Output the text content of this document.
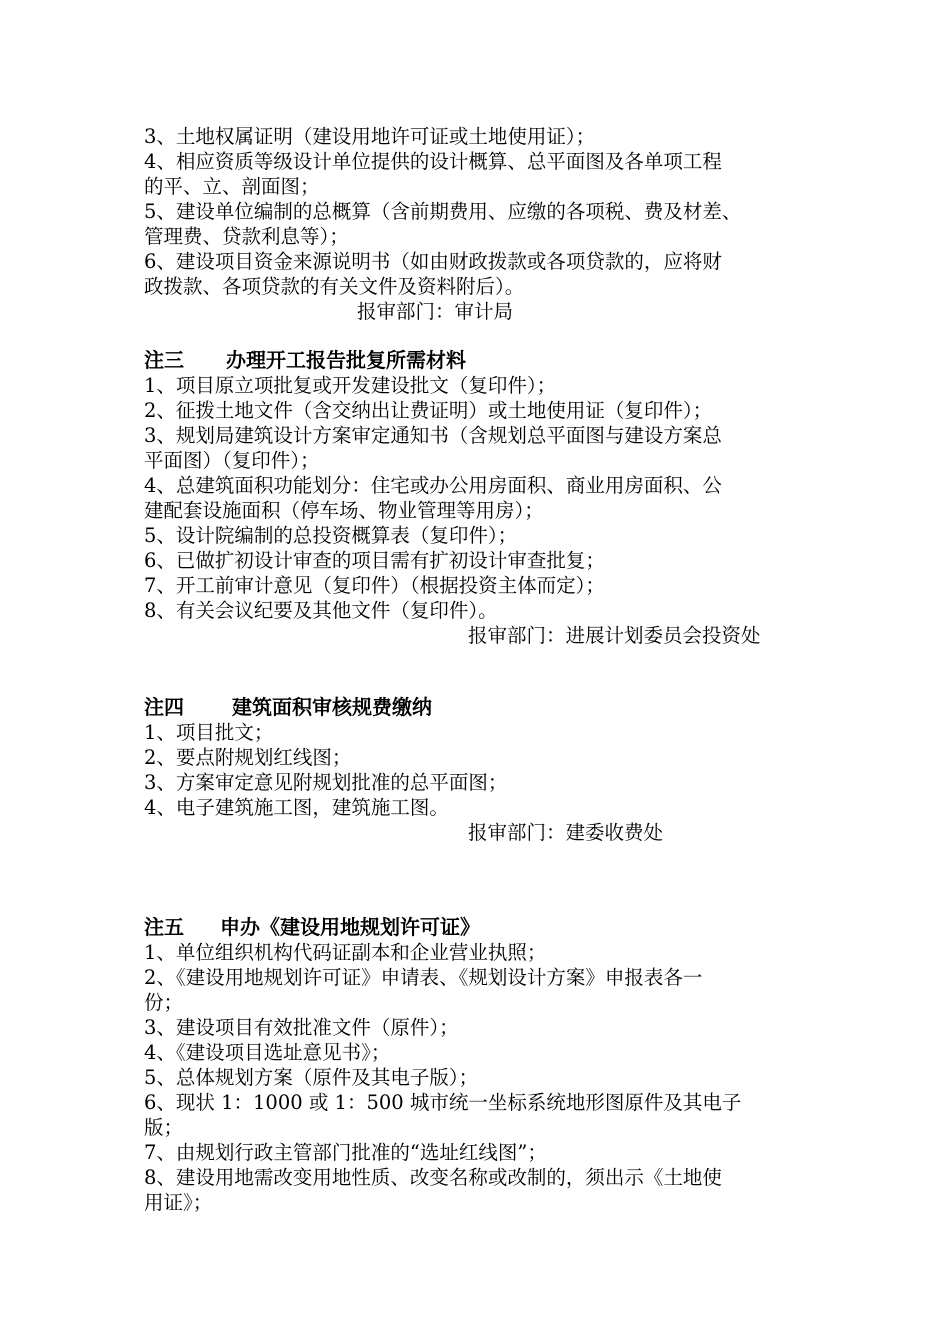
3、土地权属证明（建设用地许可证或土地使用证）；
4、相应资质等级设计单位提供的设计概算、总平面图及各单项工程
的平、立、剖面图；
5、建设单位编制的总概算（含前期费用、应缴的各项税、费及材差、
管理费、贷款利息等）；
6、建设项目资金来源说明书（如由财政拨款或各项贷款的，应将财
政拨款、各项贷款的有关文件及资料附后）。
报审部门：审计局
注三 办理开工报告批复所需材料
1、项目原立项批复或开发建设批文（复印件）；
2、征拨土地文件（含交纳出让费证明）或土地使用证（复印件）；
3、规划局建筑设计方案审定通知书（含规划总平面图与建设方案总
平面图）（复印件）；
4、总建筑面积功能划分：住宅或办公用房面积、商业用房面积、公
建配套设施面积（停车场、物业管理等用房）；
5、设计院编制的总投资概算表（复印件）；
6、已做扩初设计审查的项目需有扩初设计审查批复；
7、开工前审计意见（复印件）（根据投资主体而定）；
8、有关会议纪要及其他文件（复印件）。
报审部门：进展计划委员会投资处
注四 建筑面积审核规费缴纳
1、项目批文；
2、要点附规划红线图；
3、方案审定意见附规划批准的总平面图；
4、电子建筑施工图，建筑施工图。
报审部门：建委收费处
注五 申办《建设用地规划许可证》
1、单位组织机构代码证副本和企业营业执照；
2、《建设用地规划许可证》申请表、《规划设计方案》申报表各一
份；
3、建设项目有效批准文件（原件）；
4、《建设项目选址意见书》；
5、总体规划方案（原件及其电子版）；
6、现状 1：1000 或 1：500 城市统一坐标系统地形图原件及其电子
版；
7、由规划行政主管部门批准的“选址红线图”；
8、建设用地需改变用地性质、改变名称或改制的，须出示《土地使
用证》；
